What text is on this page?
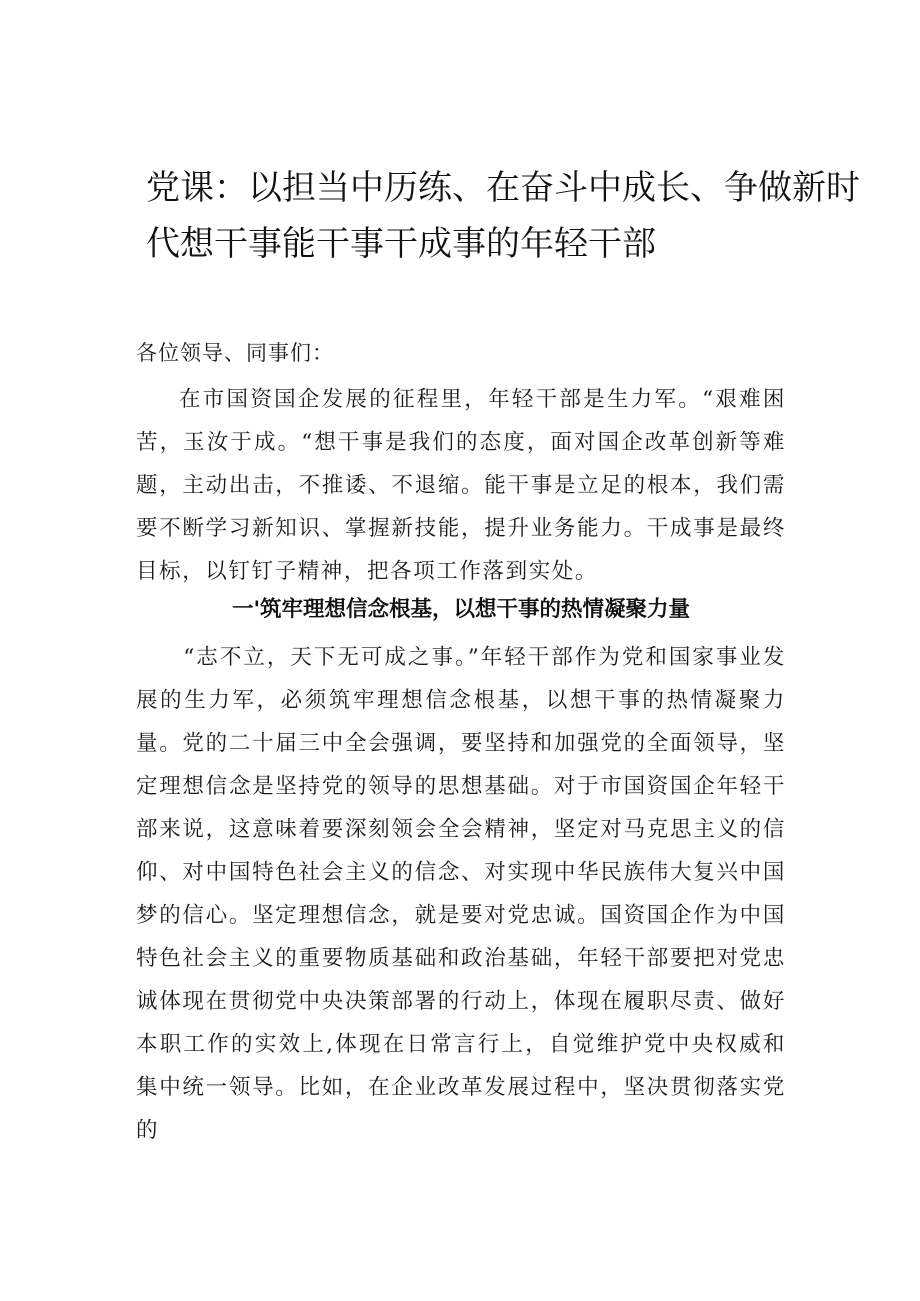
党课：以担当中历练、在奋斗中成长、争做新时
代想干事能干事干成事的年轻干部

各位领导、同事们：

在市国资国企发展的征程里，年轻干部是生力军。“艰难困苦，玉汝于成。“想干事是我们的态度，面对国企改革创新等难题，主动出击，不推诿、不退缩。能干事是立足的根本，我们需要不断学习新知识、掌握新技能，提升业务能力。干成事是最终目标，以钉钉子精神，把各项工作落到实处。

一'筑牢理想信念根基，以想干事的热情凝聚力量

“志不立，天下无可成之事。”年轻干部作为党和国家事业发展的生力军，必须筑牢理想信念根基，以想干事的热情凝聚力量。党的二十届三中全会强调，要坚持和加强党的全面领导，坚定理想信念是坚持党的领导的思想基础。对于市国资国企年轻干部来说，这意味着要深刻领会全会精神，坚定对马克思主义的信仰、对中国特色社会主义的信念、对实现中华民族伟大复兴中国梦的信心。坚定理想信念，就是要对党忠诚。国资国企作为中国特色社会主义的重要物质基础和政治基础，年轻干部要把对党忠诚体现在贯彻党中央决策部署的行动上，体现在履职尽责、做好本职工作的实效上,体现在日常言行上，自觉维护党中央权威和集中统一领导。比如，在企业改革发展过程中，坚决贯彻落实党的
